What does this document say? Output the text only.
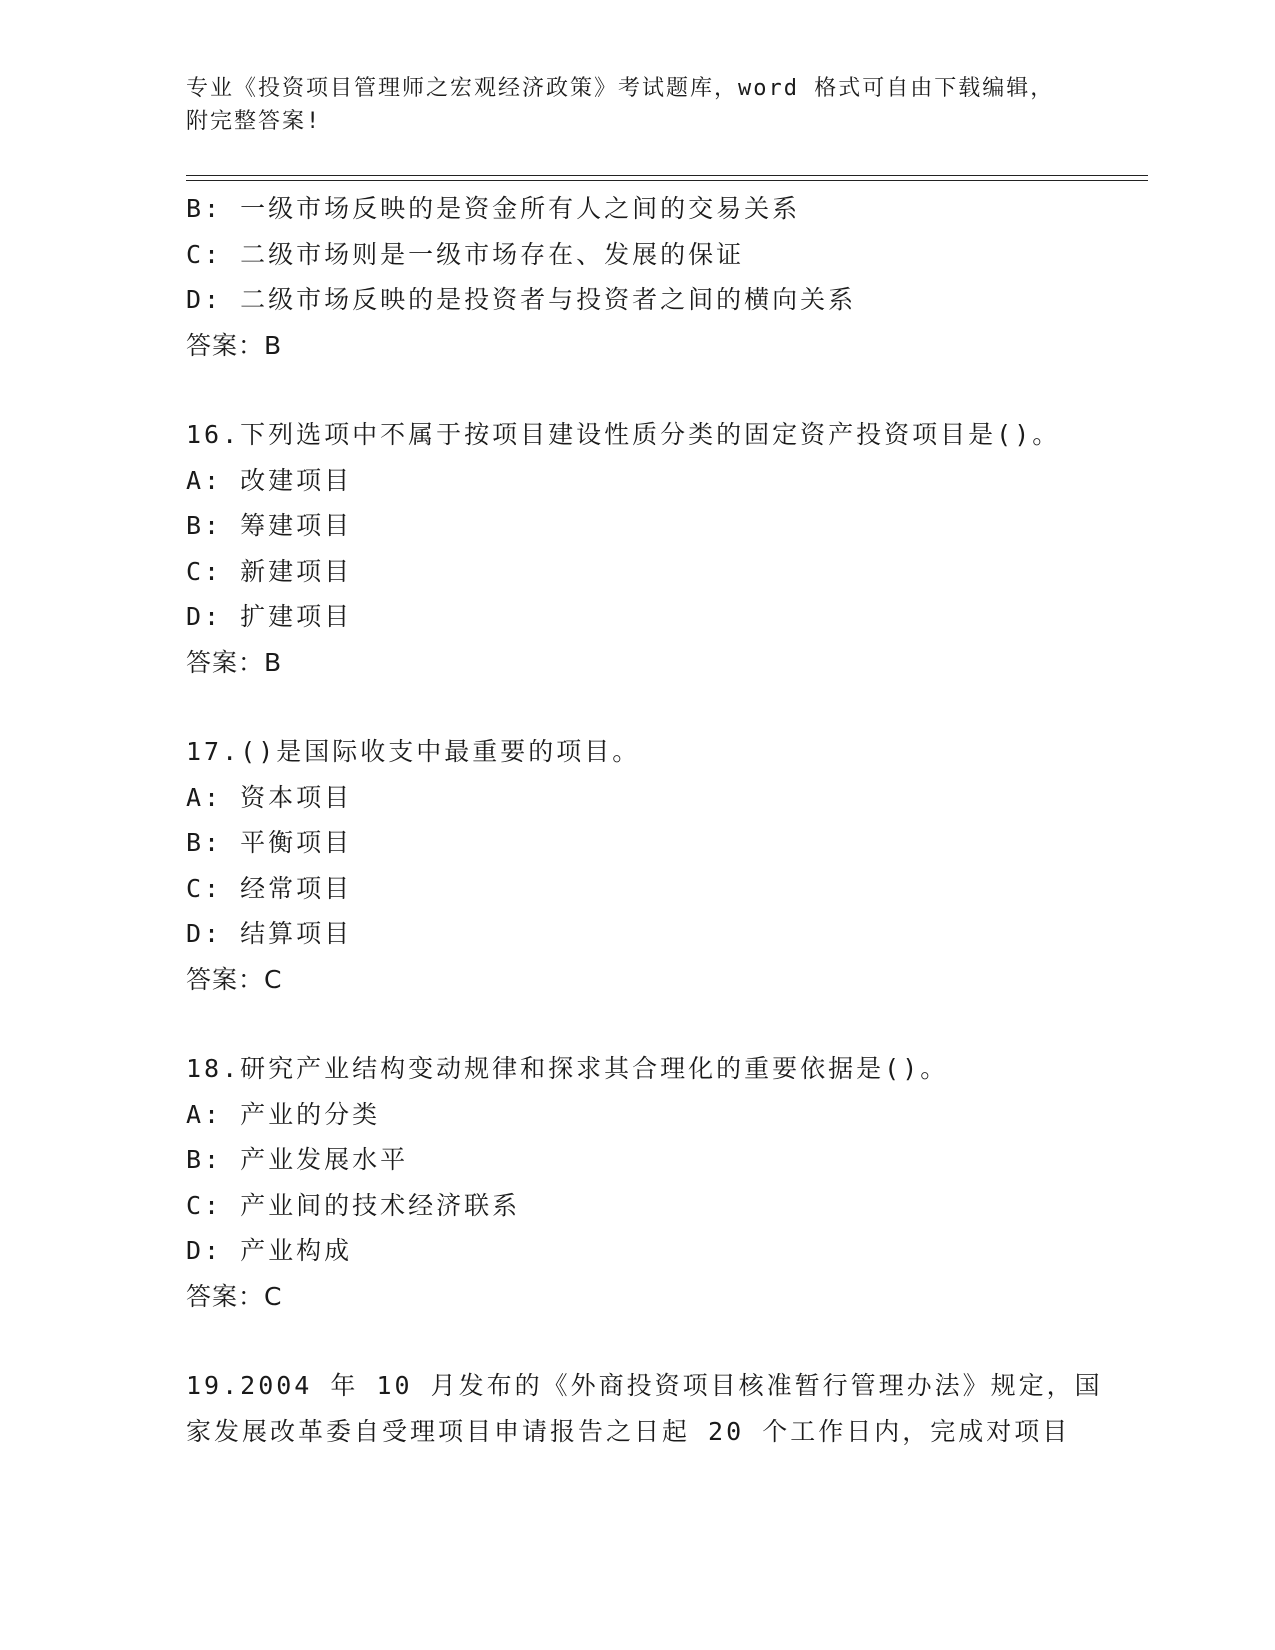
专业《投资项目管理师之宏观经济政策》考试题库，word 格式可自由下载编辑，
附完整答案!
B: 一级市场反映的是资金所有人之间的交易关系
C: 二级市场则是一级市场存在、发展的保证
D: 二级市场反映的是投资者与投资者之间的横向关系
答案：B
16.下列选项中不属于按项目建设性质分类的固定资产投资项目是()。
A: 改建项目
B: 筹建项目
C: 新建项目
D: 扩建项目
答案：B
17.()是国际收支中最重要的项目。
A: 资本项目
B: 平衡项目
C: 经常项目
D: 结算项目
答案：C
18.研究产业结构变动规律和探求其合理化的重要依据是()。
A: 产业的分类
B: 产业发展水平
C: 产业间的技术经济联系
D: 产业构成
答案：C
19.2004 年 10 月发布的《外商投资项目核准暂行管理办法》规定，国
家发展改革委自受理项目申请报告之日起 20 个工作日内，完成对项目
